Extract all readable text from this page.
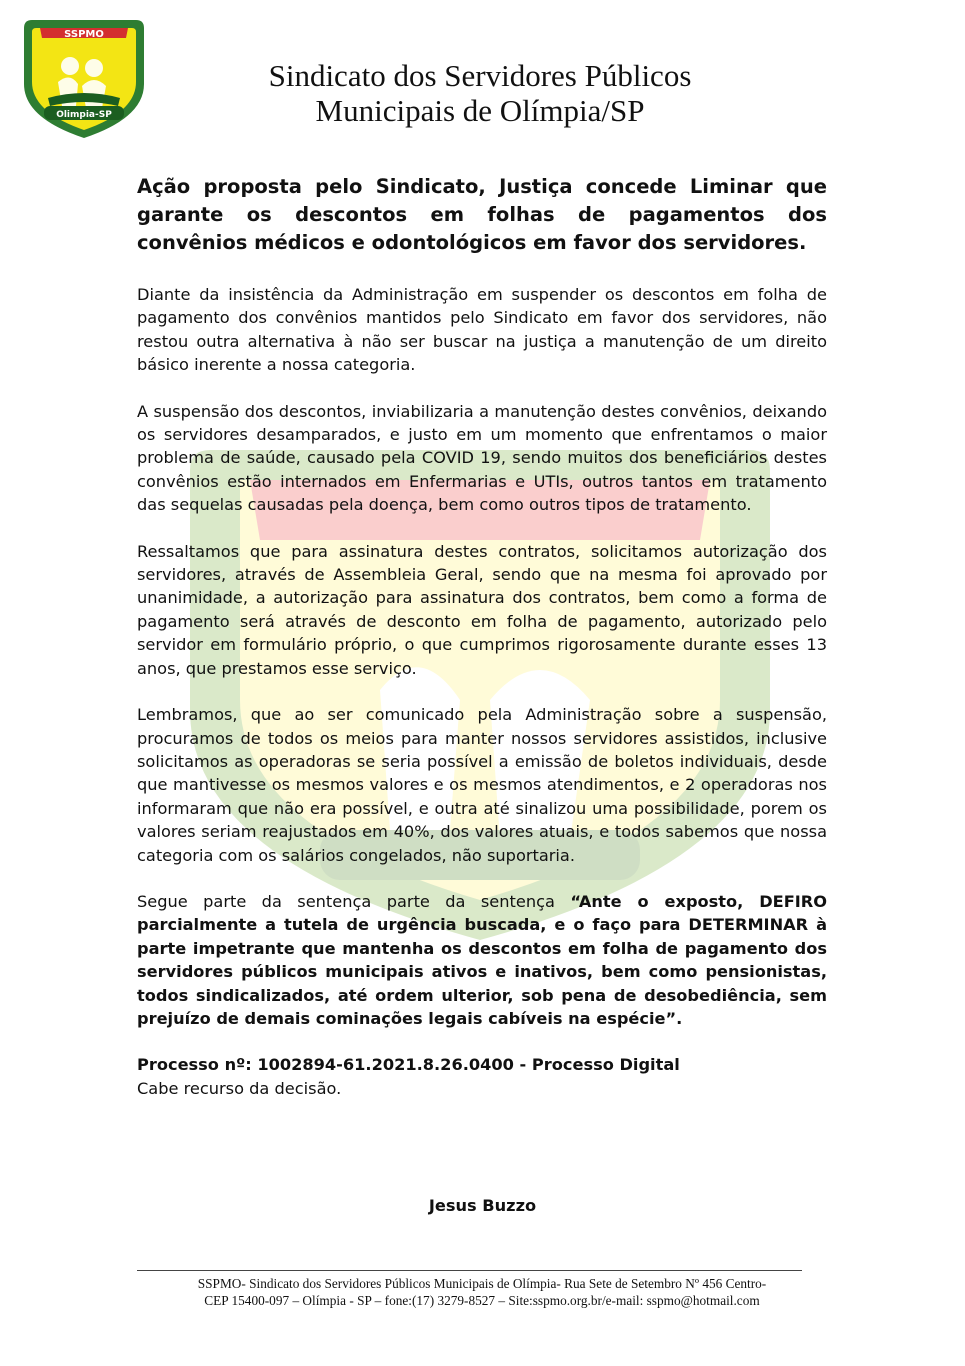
SSPMO
Olimpia-SP
Sindicato dos Servidores Públicos
Municipais de Olímpia/SP

Ação proposta pelo Sindicato, Justiça concede Liminar que garante os descontos em folhas de pagamentos dos convênios médicos e odontológicos em favor dos servidores.

Diante da insistência da Administração em suspender os descontos em folha de pagamento dos convênios mantidos pelo Sindicato em favor dos servidores, não restou outra alternativa à não ser buscar na justiça a manutenção de um direito básico inerente a nossa categoria.

A suspensão dos descontos, inviabilizaria a manutenção destes convênios, deixando os servidores desamparados, e justo em um momento que enfrentamos o maior problema de saúde, causado pela COVID 19, sendo muitos dos beneficiários destes convênios estão internados em Enfermarias e UTIs, outros tantos em tratamento das sequelas causadas pela doença, bem como outros tipos de tratamento.

Ressaltamos que para assinatura destes contratos, solicitamos autorização dos servidores, através de Assembleia Geral, sendo que na mesma foi aprovado por unanimidade, a autorização para assinatura dos contratos, bem como a forma de pagamento será através de desconto em folha de pagamento, autorizado pelo servidor em formulário próprio, o que cumprimos rigorosamente durante esses 13 anos, que prestamos esse serviço.

Lembramos, que ao ser comunicado pela Administração sobre a suspensão, procuramos de todos os meios para manter nossos servidores assistidos, inclusive solicitamos as operadoras se seria possível a emissão de boletos individuais, desde que mantivesse os mesmos valores e os mesmos atendimentos, e 2 operadoras nos informaram que não era possível, e outra até sinalizou uma possibilidade, porem os valores seriam reajustados em 40%, dos valores atuais, e todos sabemos que nossa categoria com os salários congelados, não suportaria.

Segue parte da sentença parte da sentença “Ante o exposto, DEFIRO parcialmente a tutela de urgência buscada, e o faço para DETERMINAR à parte impetrante que mantenha os descontos em folha de pagamento dos servidores públicos municipais ativos e inativos, bem como pensionistas, todos sindicalizados, até ordem ulterior, sob pena de desobediência, sem prejuízo de demais cominações legais cabíveis na espécie”.

Processo nº: 1002894-61.2021.8.26.0400 - Processo Digital
Cabe recurso da decisão.

Jesus Buzzo
SSPMO- Sindicato dos Servidores Públicos Municipais de Olímpia- Rua Sete de Setembro Nº 456 Centro-
CEP 15400-097 – Olímpia - SP – fone:(17) 3279-8527 – Site:sspmo.org.br/e-mail: sspmo@hotmail.com
